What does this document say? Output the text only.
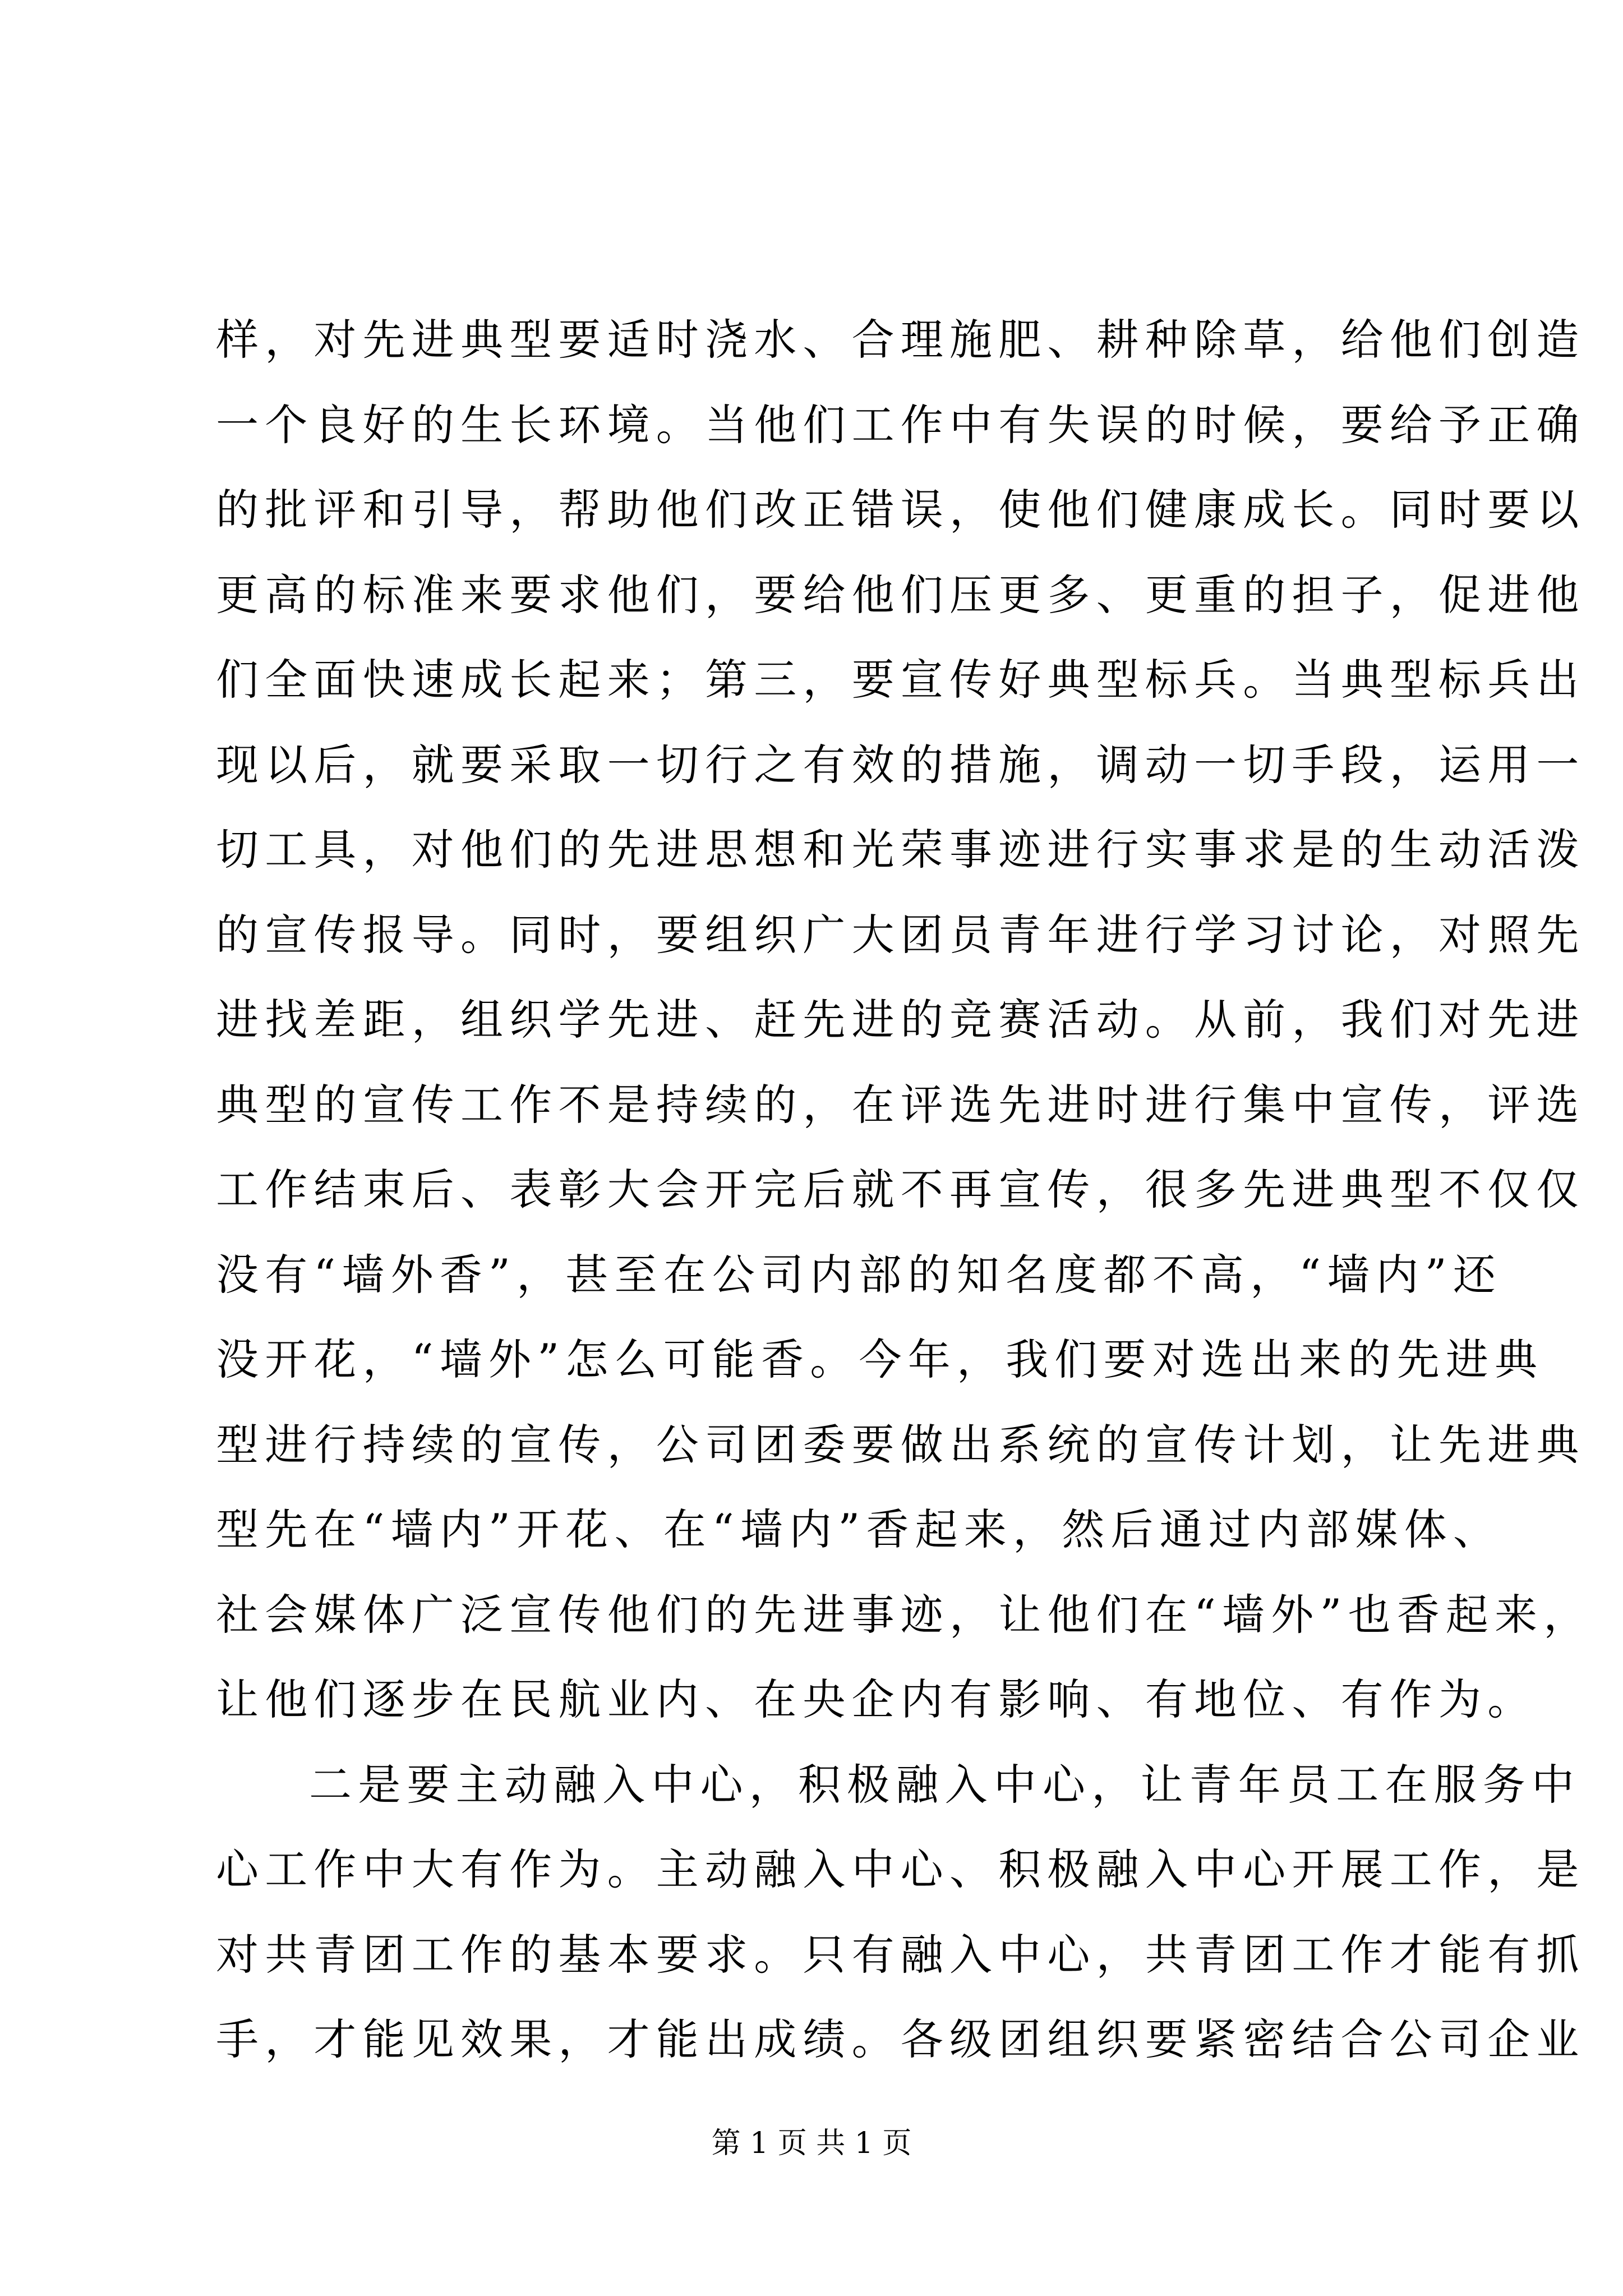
样，对先进典型要适时浇水、合理施肥、耕种除草，给他们创造
一个良好的生长环境。当他们工作中有失误的时候，要给予正确
的批评和引导，帮助他们改正错误，使他们健康成长。同时要以
更高的标准来要求他们，要给他们压更多、更重的担子，促进他
们全面快速成长起来；第三，要宣传好典型标兵。当典型标兵出
现以后，就要采取一切行之有效的措施，调动一切手段，运用一
切工具，对他们的先进思想和光荣事迹进行实事求是的生动活泼
的宣传报导。同时，要组织广大团员青年进行学习讨论，对照先
进找差距，组织学先进、赶先进的竞赛活动。从前，我们对先进
典型的宣传工作不是持续的，在评选先进时进行集中宣传，评选
工作结束后、表彰大会开完后就不再宣传，很多先进典型不仅仅
没有“墙外香”，甚至在公司内部的知名度都不高，“墙内”还
没开花，“墙外”怎么可能香。今年，我们要对选出来的先进典
型进行持续的宣传，公司团委要做出系统的宣传计划，让先进典
型先在“墙内”开花、在“墙内”香起来，然后通过内部媒体、
社会媒体广泛宣传他们的先进事迹，让他们在“墙外”也香起来，
让他们逐步在民航业内、在央企内有影响、有地位、有作为。
二是要主动融入中心，积极融入中心，让青年员工在服务中
心工作中大有作为。主动融入中心、积极融入中心开展工作，是
对共青团工作的基本要求。只有融入中心，共青团工作才能有抓
手，才能见效果，才能出成绩。各级团组织要紧密结合公司企业
第 1 页 共 1 页
